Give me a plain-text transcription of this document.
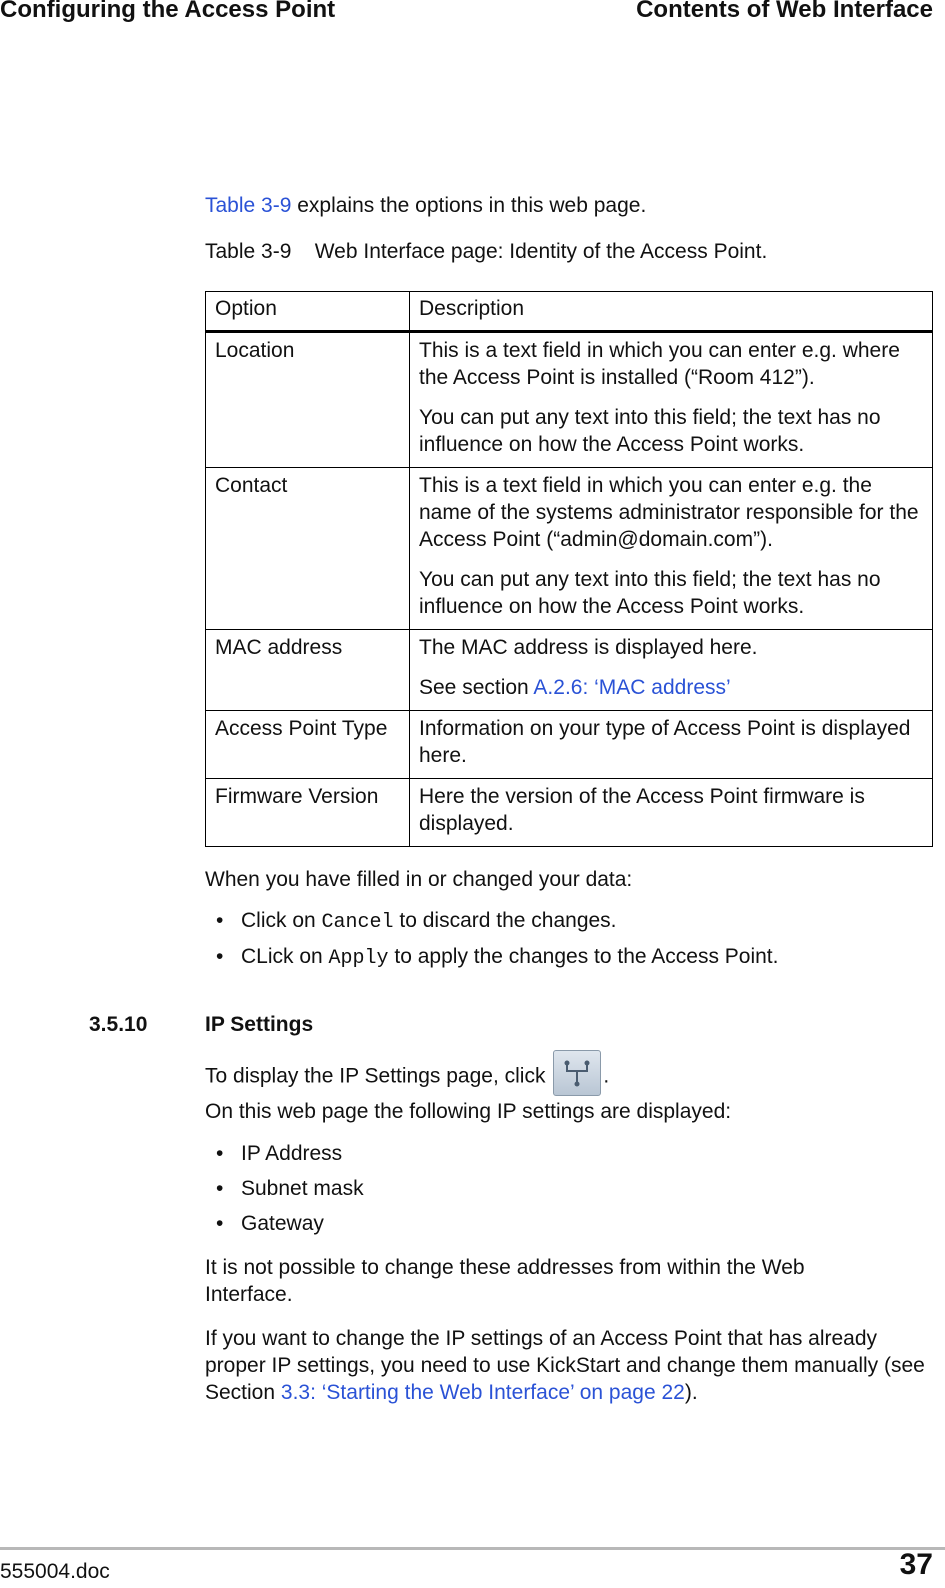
Configuring the Access Point	Contents of Web Interface
Table 3-9 explains the options in this web page.
Table 3-9    Web Interface page: Identity of the Access Point.
Option	Description
Location	This is a text field in which you can enter e.g. where the Access Point is installed (“Room 412”).

You can put any text into this field; the text has no influence on how the Access Point works.

Contact	This is a text field in which you can enter e.g. the name of the systems administrator responsible for the Access Point (“admin@domain.com”).

You can put any text into this field; the text has no influence on how the Access Point works.

MAC address	The MAC address is displayed here.

See section A.2.6: ‘MAC address’

Access Point Type	Information on your type of Access Point is displayed here.

Firmware Version	Here the version of the Access Point firmware is displayed.

When you have filled in or changed your data:
• Click on Cancel to discard the changes.
• CLick on Apply to apply the changes to the Access Point.
3.5.10	IP Settings
To display the IP Settings page, click .
On this web page the following IP settings are displayed:
• IP Address
• Subnet mask
• Gateway
It is not possible to change these addresses from within the Web Interface.
If you want to change the IP settings of an Access Point that has already proper IP settings, you need to use KickStart and change them manually (see Section 3.3: ‘Starting the Web Interface’ on page 22).
555004.doc	37
